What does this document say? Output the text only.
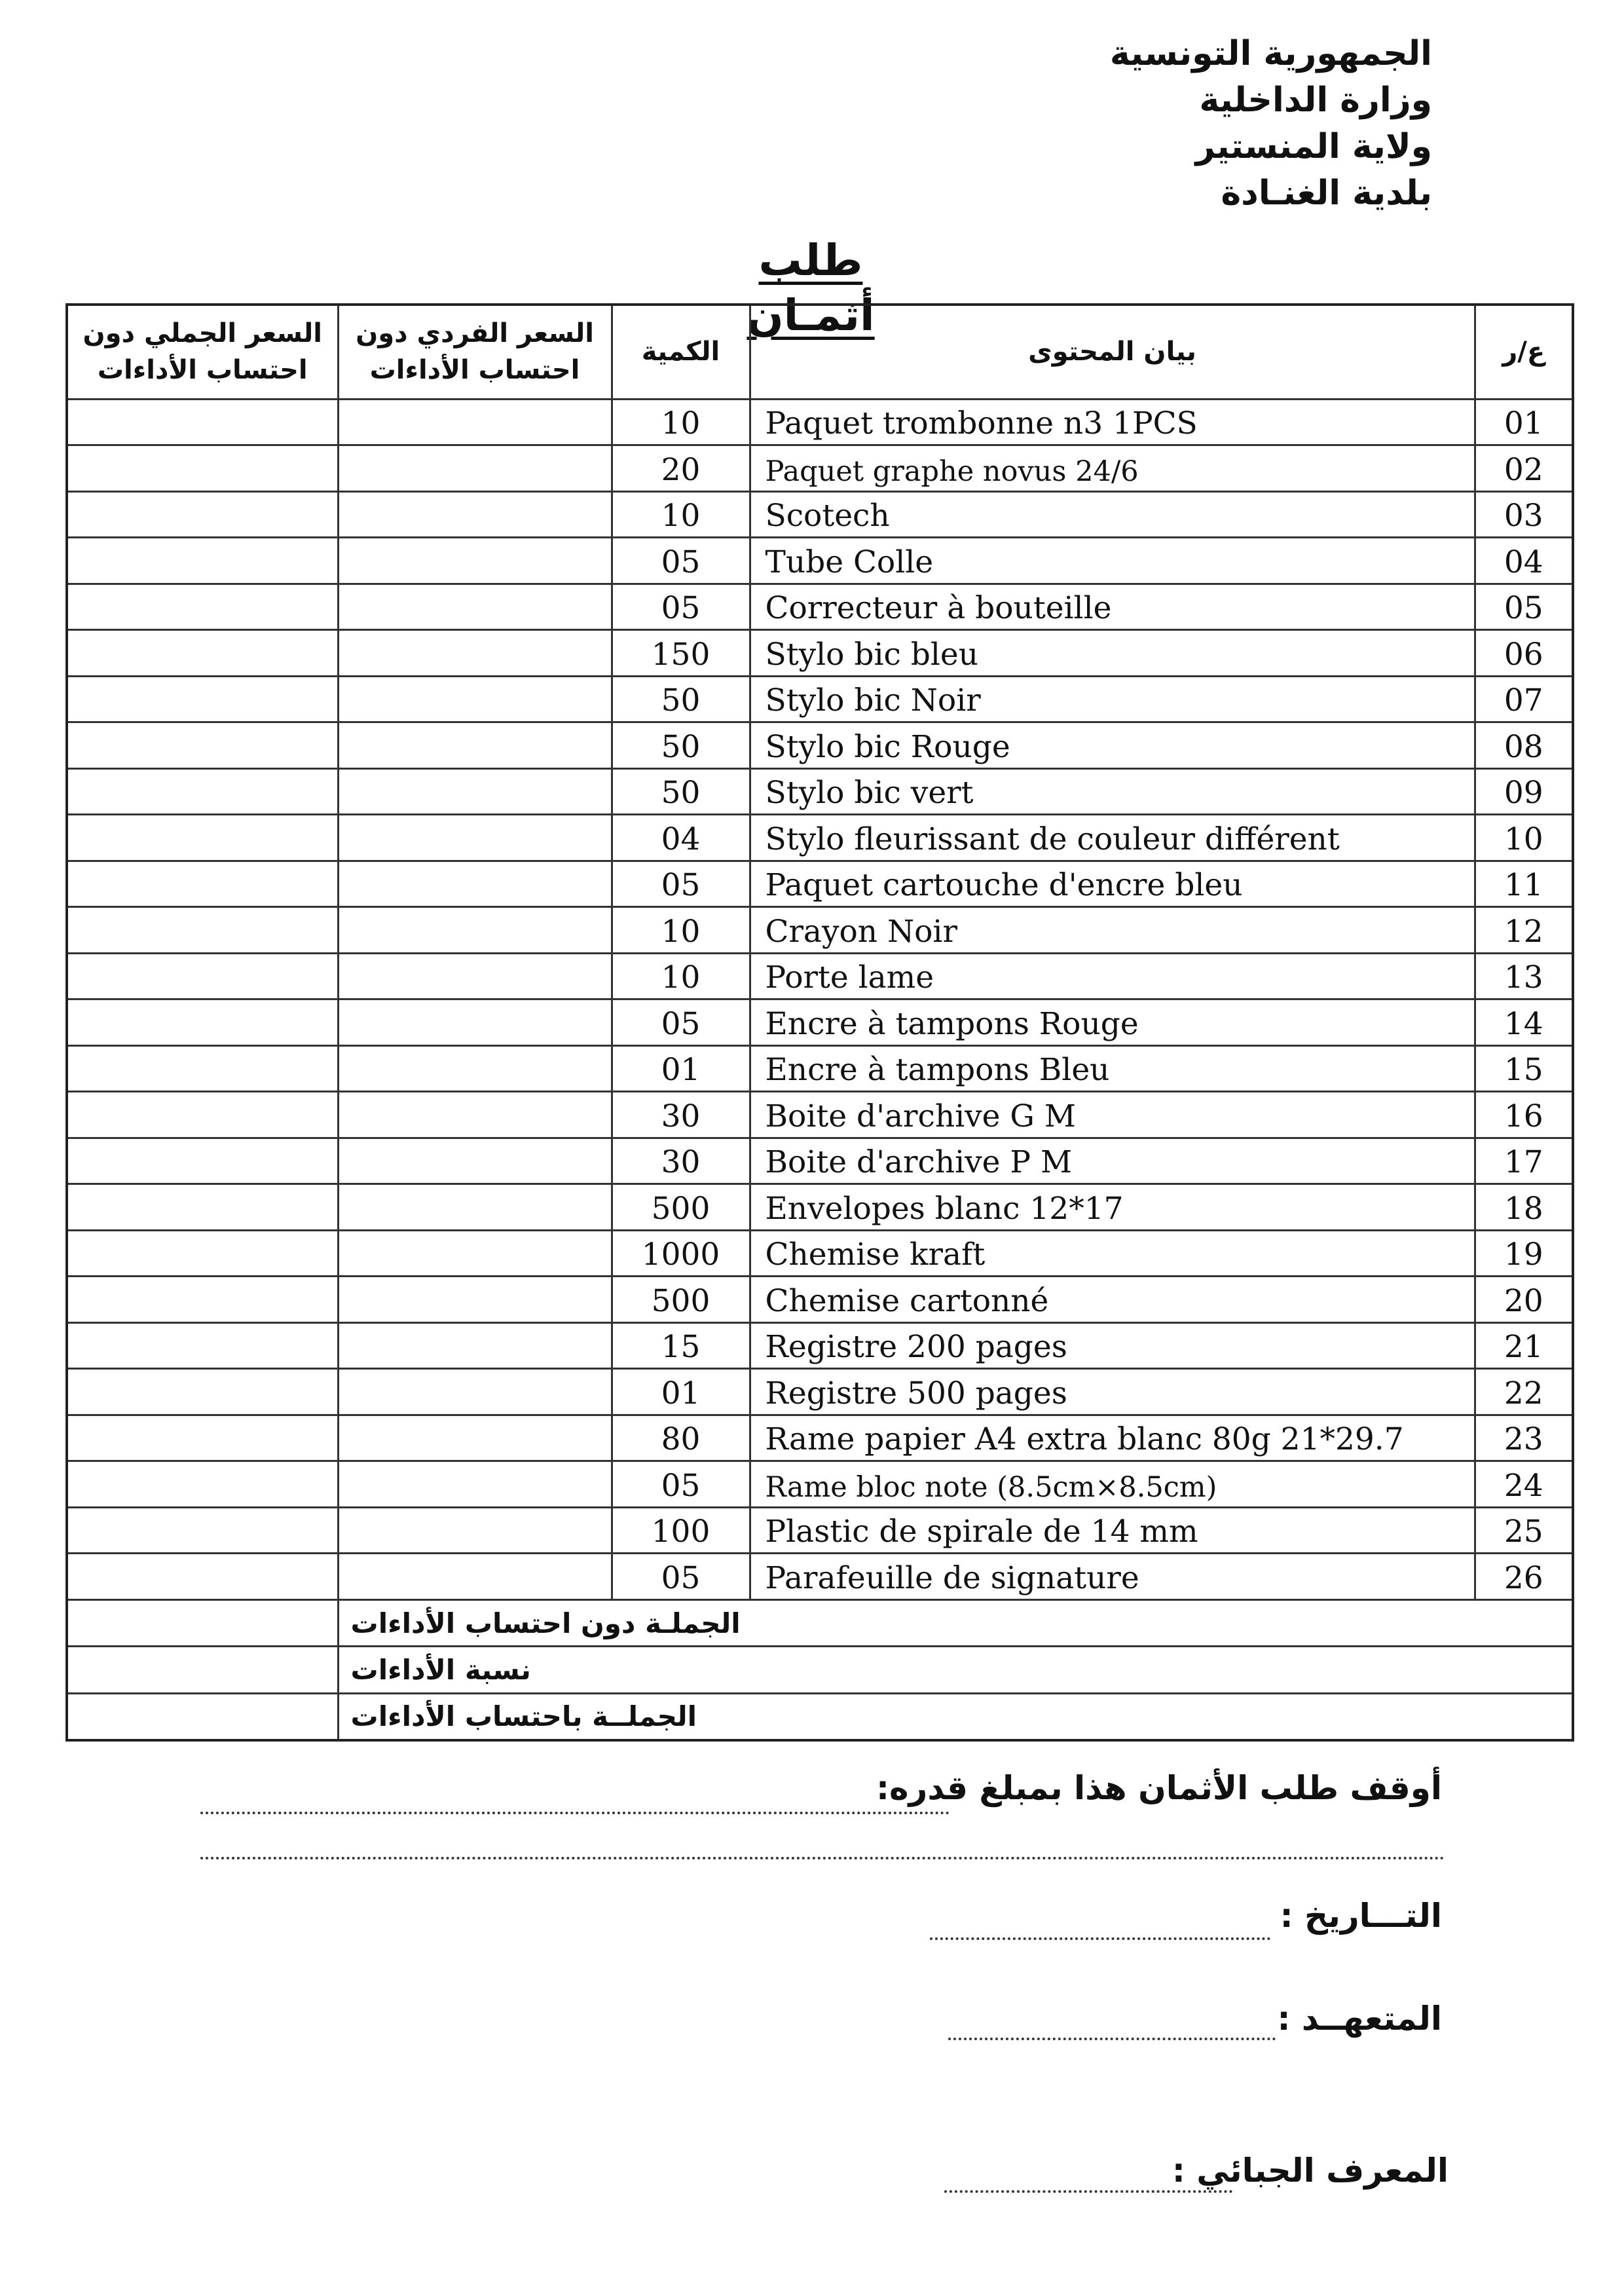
الجمهورية التونسية
وزارة الداخلية
ولاية المنستير
بلدية الغنـادة
طلب أثمـان
ع/ر	بيان المحتوى	الكمية	السعر الفردي دون احتساب الأداءات	السعر الجملي دون احتساب الأداءات
01	Paquet trombonne n3 1PCS	10		
02	Paquet graphe novus 24/6	20		
03	Scotech	10		
04	Tube Colle	05		
05	Correcteur à bouteille	05		
06	Stylo bic bleu	150		
07	Stylo bic Noir	50		
08	Stylo bic Rouge	50		
09	Stylo bic vert	50		
10	Stylo fleurissant de couleur différent	04		
11	Paquet cartouche d'encre bleu	05		
12	Crayon Noir	10		
13	Porte lame	10		
14	Encre à tampons Rouge	05		
15	Encre à tampons Bleu	01		
16	Boite d'archive G M	30		
17	Boite d'archive P M	30		
18	Envelopes blanc 12*17	500		
19	Chemise kraft	1000		
20	Chemise cartonné	500		
21	Registre 200 pages	15		
22	Registre 500 pages	01		
23	Rame papier A4 extra blanc 80g 21*29.7	80		
24	Rame bloc note (8.5cm×8.5cm)	05		
25	Plastic de spirale de 14 mm	100		
26	Parafeuille de signature	05		
الجملـة دون احتساب الأداءات				
نسبة الأداءات				
الجملــة باحتساب الأداءات				
أوقف طلب الأثمان هذا بمبلغ قدره:
التـــاريخ :
المتعهــد :
المعرف الجبائي :
